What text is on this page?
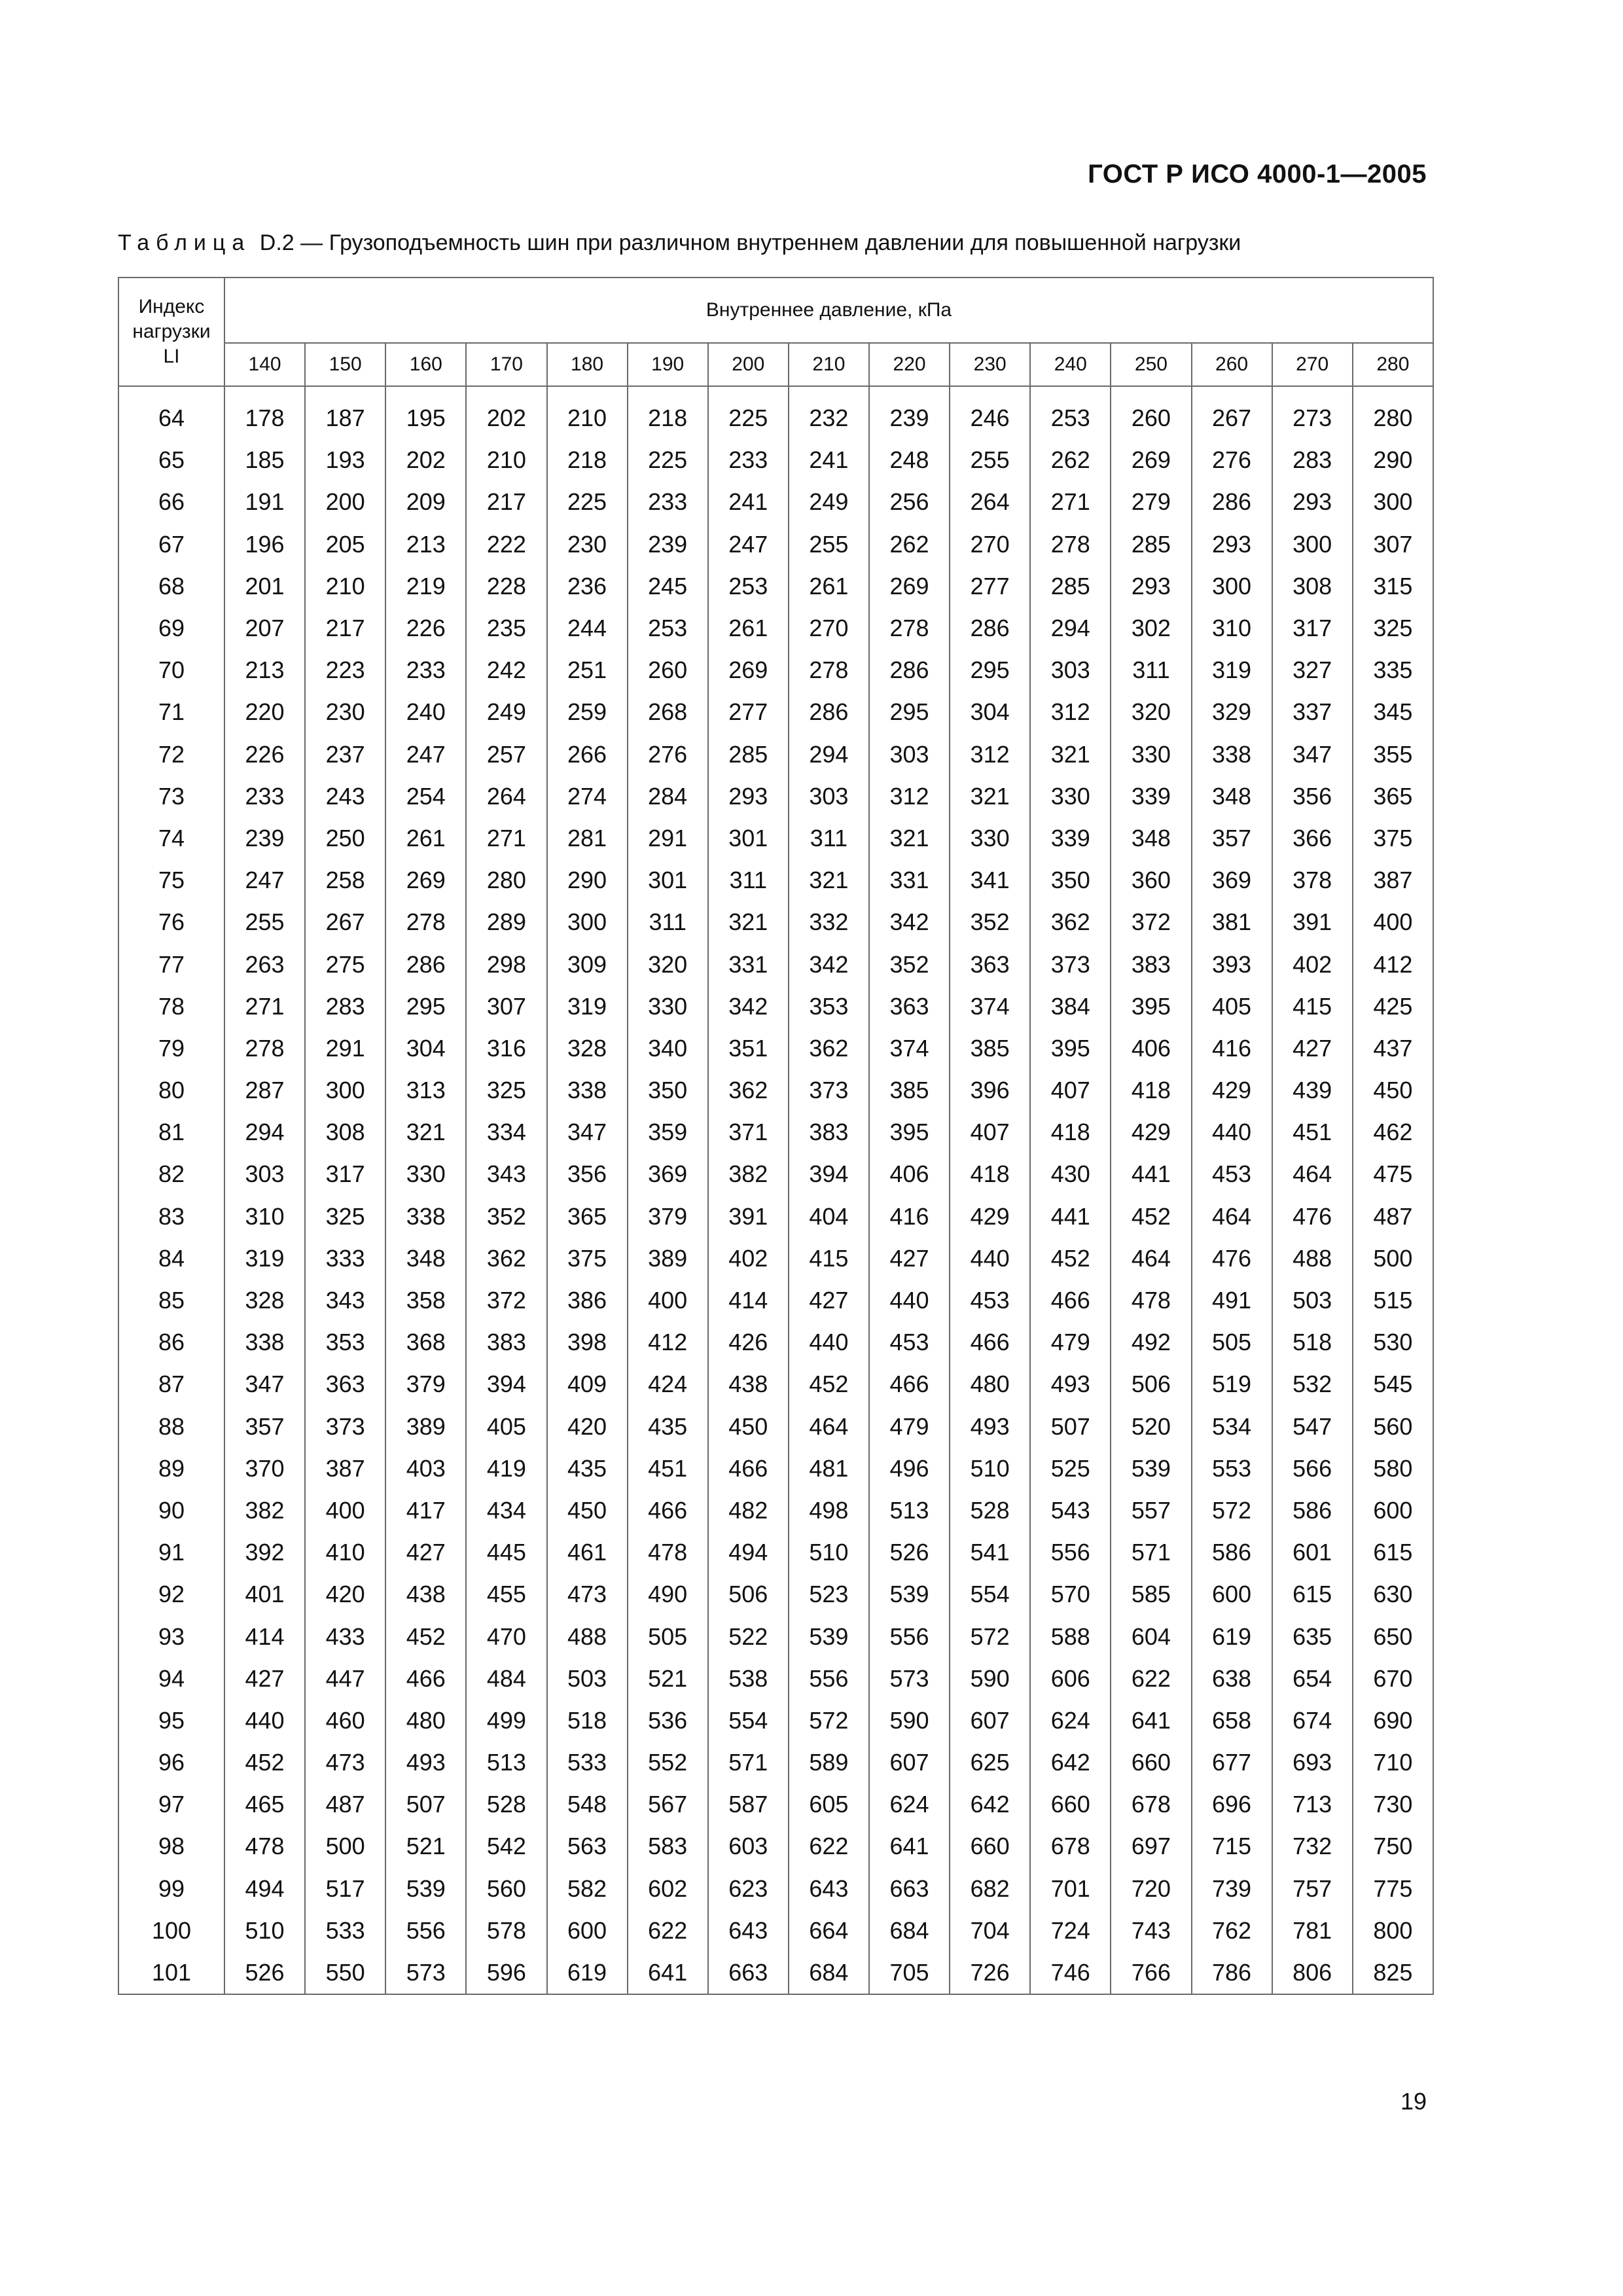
ГОСТ Р ИСО 4000-1—2005
Таблица D.2 — Грузоподъемность шин при различном внутреннем давлении для повышенной нагрузки
Индекс
нагрузки
LI	Внутреннее давление, кПа														
	140	150	160	170	180	190	200	210	220	230	240	250	260	270	280

64	178	187	195	202	210	218	225	232	239	246	253	260	267	273	280
65	185	193	202	210	218	225	233	241	248	255	262	269	276	283	290
66	191	200	209	217	225	233	241	249	256	264	271	279	286	293	300
67	196	205	213	222	230	239	247	255	262	270	278	285	293	300	307
68	201	210	219	228	236	245	253	261	269	277	285	293	300	308	315
69	207	217	226	235	244	253	261	270	278	286	294	302	310	317	325
70	213	223	233	242	251	260	269	278	286	295	303	311	319	327	335
71	220	230	240	249	259	268	277	286	295	304	312	320	329	337	345
72	226	237	247	257	266	276	285	294	303	312	321	330	338	347	355
73	233	243	254	264	274	284	293	303	312	321	330	339	348	356	365
74	239	250	261	271	281	291	301	311	321	330	339	348	357	366	375
75	247	258	269	280	290	301	311	321	331	341	350	360	369	378	387
76	255	267	278	289	300	311	321	332	342	352	362	372	381	391	400
77	263	275	286	298	309	320	331	342	352	363	373	383	393	402	412
78	271	283	295	307	319	330	342	353	363	374	384	395	405	415	425
79	278	291	304	316	328	340	351	362	374	385	395	406	416	427	437
80	287	300	313	325	338	350	362	373	385	396	407	418	429	439	450
81	294	308	321	334	347	359	371	383	395	407	418	429	440	451	462
82	303	317	330	343	356	369	382	394	406	418	430	441	453	464	475
83	310	325	338	352	365	379	391	404	416	429	441	452	464	476	487
84	319	333	348	362	375	389	402	415	427	440	452	464	476	488	500
85	328	343	358	372	386	400	414	427	440	453	466	478	491	503	515
86	338	353	368	383	398	412	426	440	453	466	479	492	505	518	530
87	347	363	379	394	409	424	438	452	466	480	493	506	519	532	545
88	357	373	389	405	420	435	450	464	479	493	507	520	534	547	560
89	370	387	403	419	435	451	466	481	496	510	525	539	553	566	580
90	382	400	417	434	450	466	482	498	513	528	543	557	572	586	600
91	392	410	427	445	461	478	494	510	526	541	556	571	586	601	615
92	401	420	438	455	473	490	506	523	539	554	570	585	600	615	630
93	414	433	452	470	488	505	522	539	556	572	588	604	619	635	650
94	427	447	466	484	503	521	538	556	573	590	606	622	638	654	670
95	440	460	480	499	518	536	554	572	590	607	624	641	658	674	690
96	452	473	493	513	533	552	571	589	607	625	642	660	677	693	710
97	465	487	507	528	548	567	587	605	624	642	660	678	696	713	730
98	478	500	521	542	563	583	603	622	641	660	678	697	715	732	750
99	494	517	539	560	582	602	623	643	663	682	701	720	739	757	775
100	510	533	556	578	600	622	643	664	684	704	724	743	762	781	800
101	526	550	573	596	619	641	663	684	705	726	746	766	786	806	825
19
